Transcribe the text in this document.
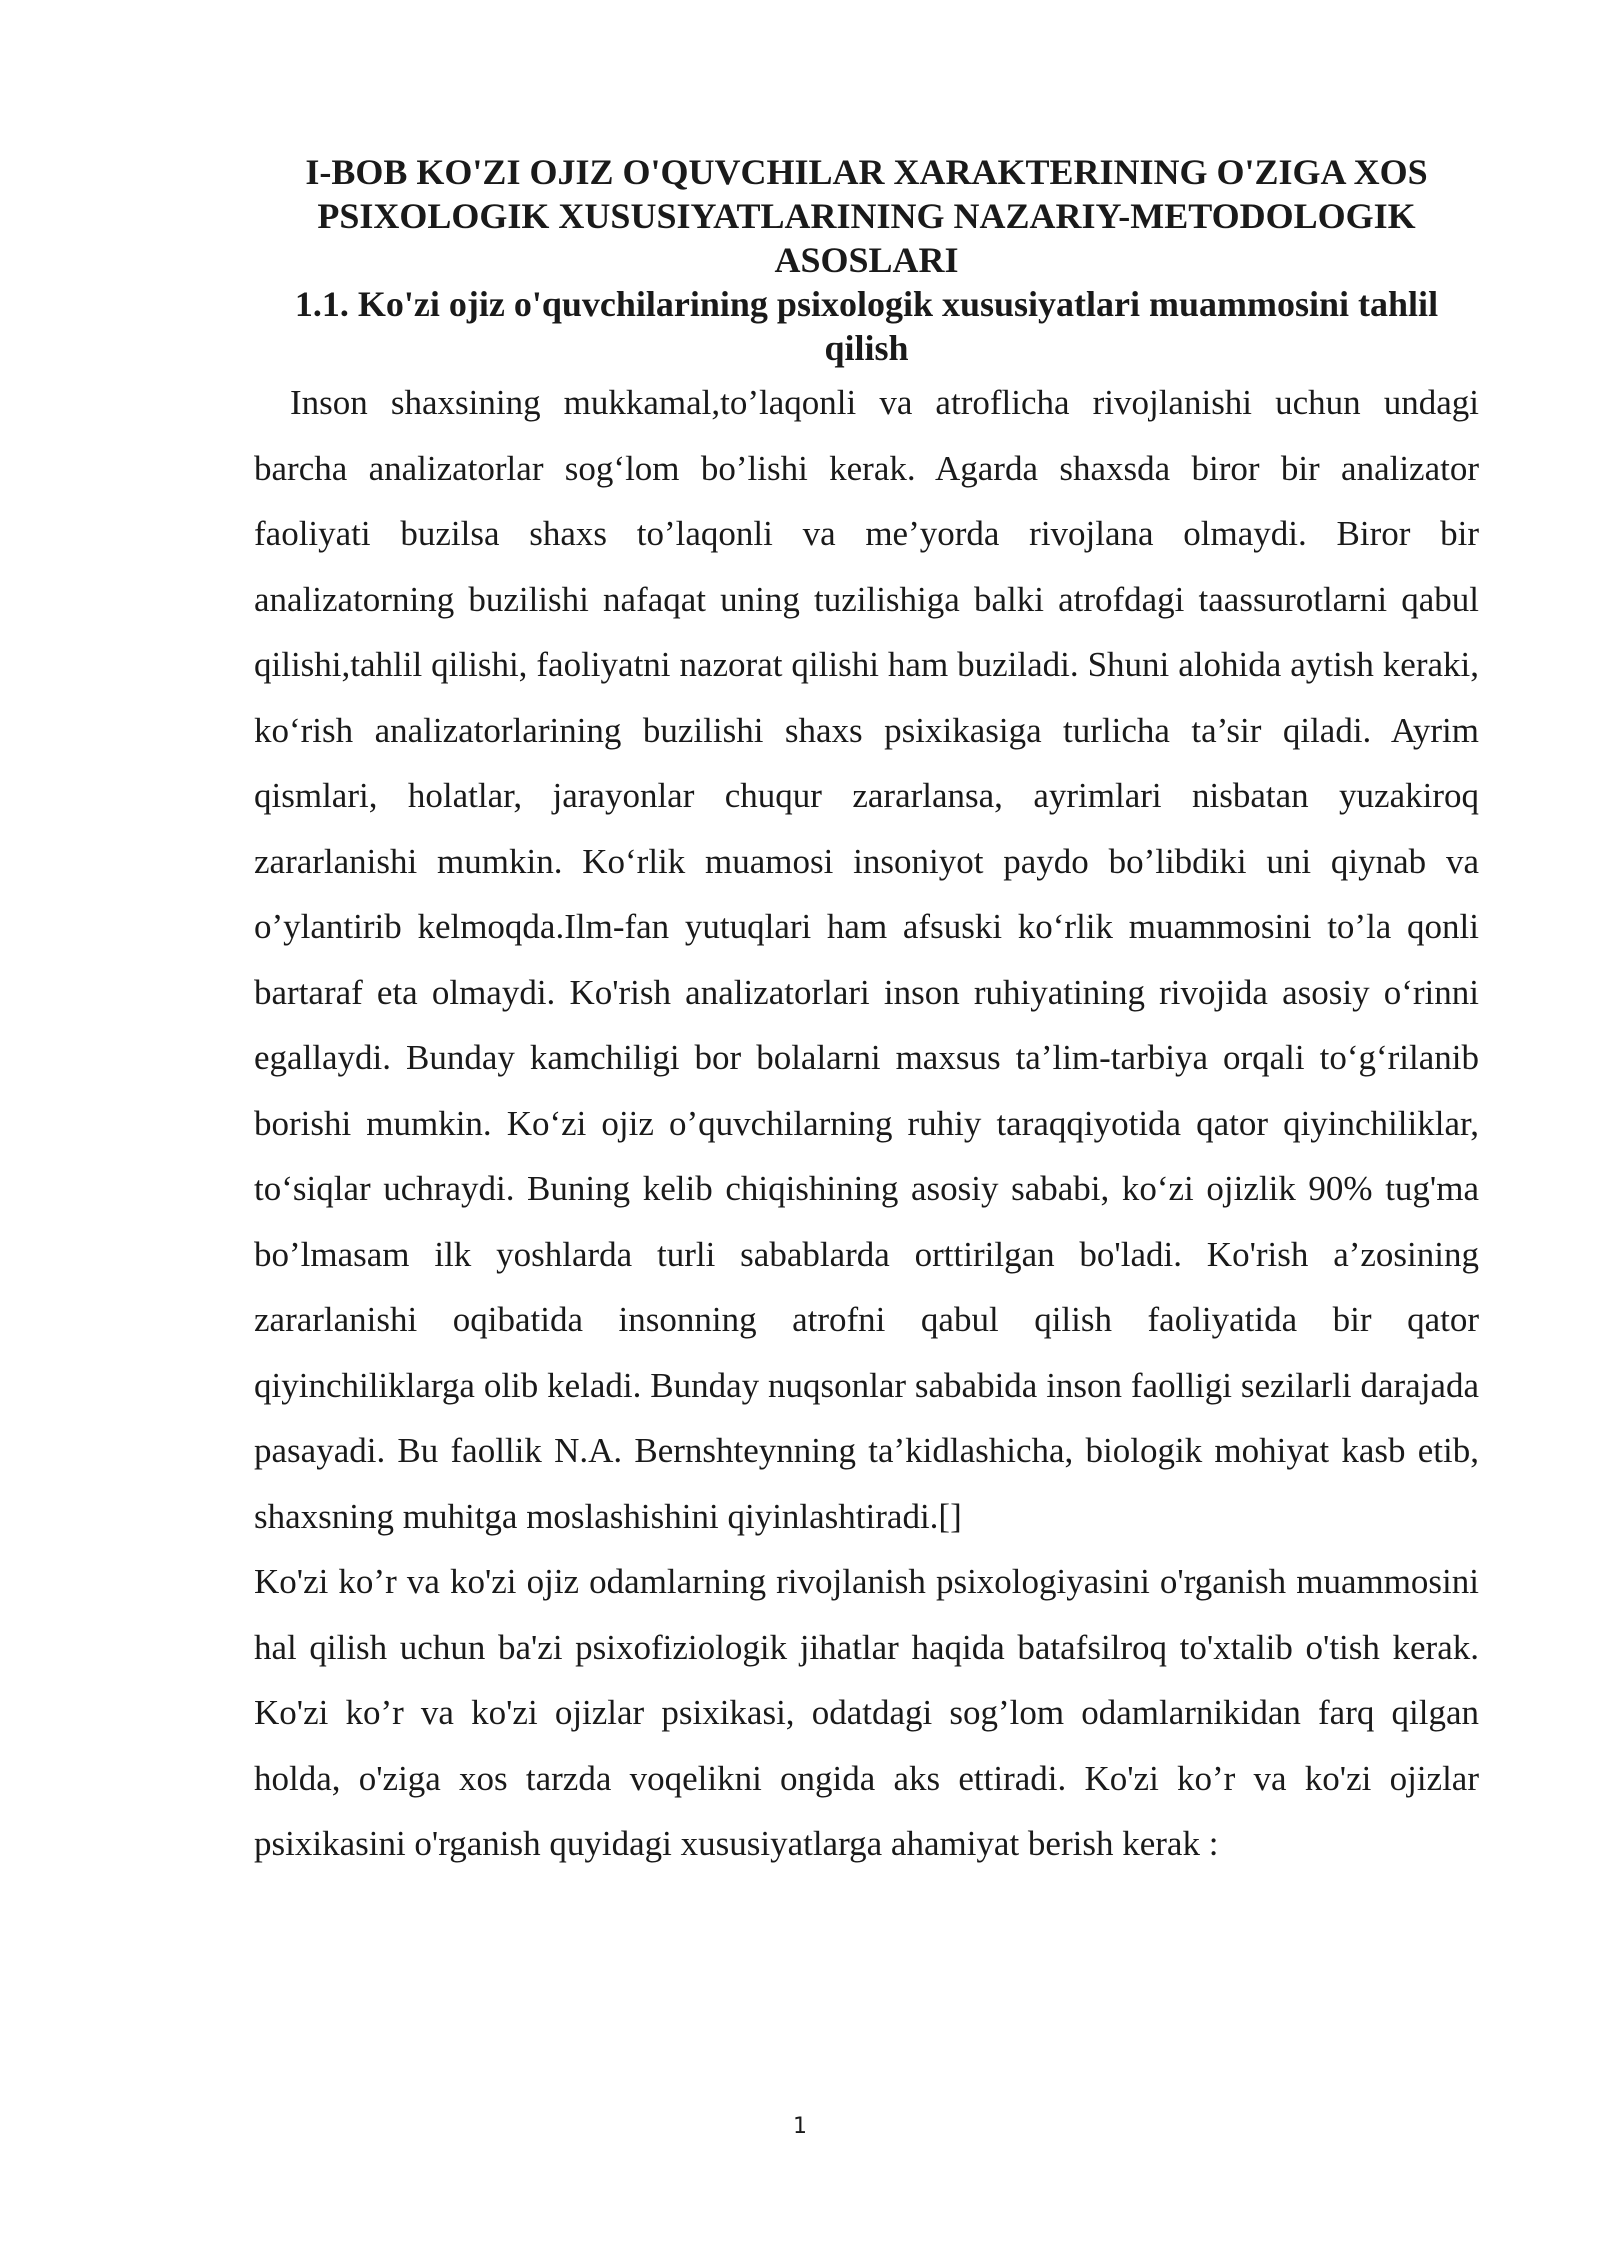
I-BOB KO'ZI OJIZ O'QUVCHILAR XARAKTERINING O'ZIGA XOS PSIXOLOGIK XUSUSIYATLARINING NAZARIY-METODOLOGIK ASOSLARI
1.1. Ko'zi ojiz o'quvchilarining psixologik xususiyatlari muammosini tahlil qilish

Inson shaxsining mukkamal,to’laqonli va atroflicha rivojlanishi uchun undagi barcha analizatorlar sog‘lom bo’lishi kerak. Agarda shaxsda biror bir analizator faoliyati buzilsa shaxs to’laqonli va me’yorda rivojlana olmaydi. Biror bir analizatorning buzilishi nafaqat uning tuzilishiga balki atrofdagi taassurotlarni qabul qilishi,tahlil qilishi, faoliyatni nazorat qilishi ham buziladi. Shuni alohida aytish keraki, ko‘rish analizatorlarining buzilishi shaxs psixikasiga turlicha ta’sir qiladi. Ayrim qismlari, holatlar, jarayonlar chuqur zararlansa, ayrimlari nisbatan yuzakiroq zararlanishi mumkin. Ko‘rlik muamosi insoniyot paydo bo’libdiki uni qiynab va o’ylantirib kelmoqda.Ilm-fan yutuqlari ham afsuski ko‘rlik muammosini to’la qonli bartaraf eta olmaydi. Ko'rish analizatorlari inson ruhiyatining rivojida asosiy o‘rinni egallaydi. Bunday kamchiligi bor bolalarni maxsus ta’lim-tarbiya orqali to‘g‘rilanib borishi mumkin. Ko‘zi ojiz o’quvchilarning ruhiy taraqqiyotida qator qiyinchiliklar, to‘siqlar uchraydi. Buning kelib chiqishining asosiy sababi, ko‘zi ojizlik 90% tug'ma bo’lmasam ilk yoshlarda turli sabablarda orttirilgan bo'ladi. Ko'rish a’zosining zararlanishi oqibatida insonning atrofni qabul qilish faoliyatida bir qator qiyinchiliklarga olib keladi. Bunday nuqsonlar sababida inson faolligi sezilarli darajada pasayadi. Bu faollik N.A. Bernshteynning ta’kidlashicha, biologik mohiyat kasb etib, shaxsning muhitga moslashishini qiyinlashtiradi.[]

Ko'zi ko’r va ko'zi ojiz odamlarning rivojlanish psixologiyasini o'rganish muammosini hal qilish uchun ba'zi psixofiziologik jihatlar haqida batafsilroq to'xtalib o'tish kerak. Ko'zi ko’r va ko'zi ojizlar psixikasi, odatdagi sog’lom odamlarnikidan farq qilgan holda, o'ziga xos tarzda voqelikni ongida aks ettiradi. Ko'zi ko’r va ko'zi ojizlar psixikasini o'rganish quyidagi xususiyatlarga ahamiyat berish kerak :

1
